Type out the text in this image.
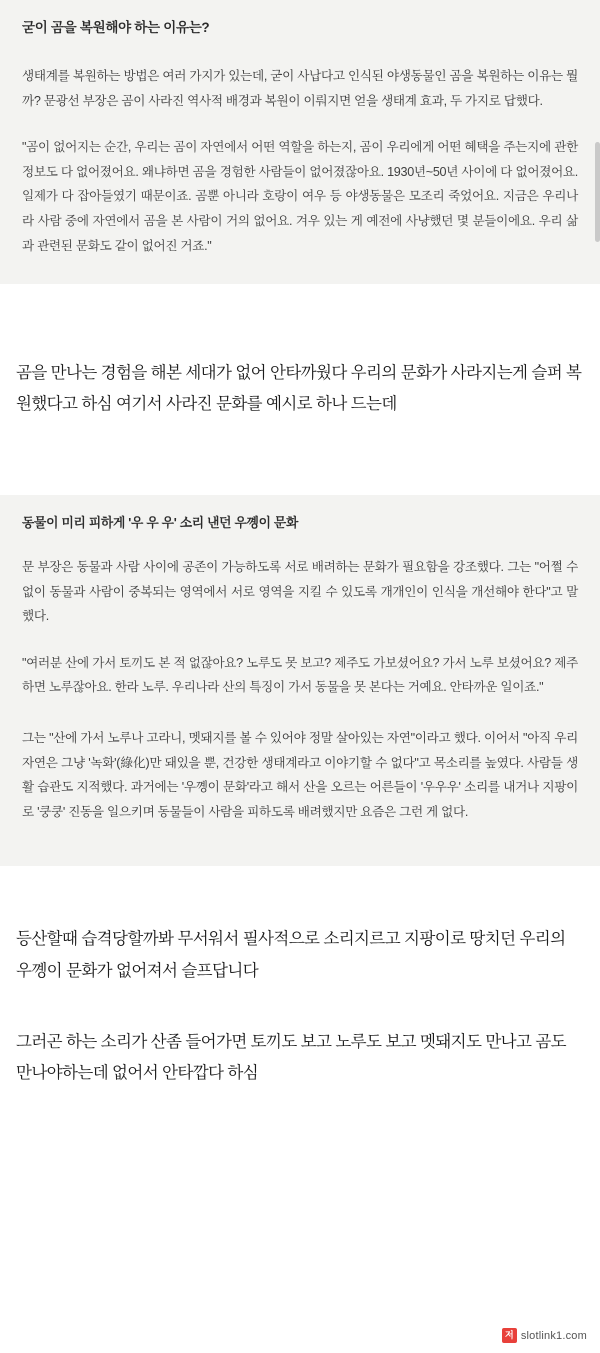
굳이 곰을 복원해야 하는 이유는?

생태계를 복원하는 방법은 여러 가지가 있는데, 굳이 사납다고 인식된 야생동물인 곰을 복원하는 이유는 뭘까? 문광선 부장은 곰이 사라진 역사적 배경과 복원이 이뤄지면 얻을 생태계 효과, 두 가지로 답했다.

"곰이 없어지는 순간, 우리는 곰이 자연에서 어떤 역할을 하는지, 곰이 우리에게 어떤 혜택을 주는지에 관한 정보도 다 없어졌어요. 왜냐하면 곰을 경험한 사람들이 없어졌잖아요. 1930년~50년 사이에 다 없어졌어요. 일제가 다 잡아들였기 때문이죠. 곰뿐 아니라 호랑이 여우 등 야생동물은 모조리 죽었어요. 지금은 우리나라 사람 중에 자연에서 곰을 본 사람이 거의 없어요. 겨우 있는 게 예전에 사냥했던 몇 분들이에요. 우리 삶과 관련된 문화도 같이 없어진 거죠."

곰을 만나는 경험을 해본 세대가 없어 안타까웠다 우리의 문화가 사라지는게 슬퍼 복원했다고 하심 여기서 사라진 문화를 예시로 하나 드는데
동물이 미리 피하게 '우 우 우' 소리 낸던 우꼥이 문화

문 부장은 동물과 사람 사이에 공존이 가능하도록 서로 배려하는 문화가 필요함을 강조했다. 그는 "어쩔 수없이 동물과 사람이 중복되는 영역에서 서로 영역을 지킬 수 있도록 개개인이 인식을 개선해야 한다"고 말했다.

"여러분 산에 가서 토끼도 본 적 없잖아요? 노루도 못 보고? 제주도 가보셨어요? 가서 노루 보셨어요? 제주 하면 노루잖아요. 한라 노루. 우리나라 산의 특징이 가서 동물을 못 본다는 거예요. 안타까운 일이죠."

그는 "산에 가서 노루나 고라니, 멧돼지를 볼 수 있어야 정말 살아있는 자연"이라고 했다. 이어서 "아직 우리 자연은 그냥 '녹화'(綠化)만 돼있을 뿐, 건강한 생태계라고 이야기할 수 없다"고 목소리를 높였다. 사람들 생활 습관도 지적했다. 과거에는 '우꼥이 문화'라고 해서 산을 오르는 어른들이 '우우우' 소리를 내거나 지팡이로 '쿵쿵' 진동을 일으키며 동물들이 사람을 피하도록 배려했지만 요즘은 그런 게 없다.

등산할때 습격당할까봐 무서워서 필사적으로 소리지르고 지팡이로 땅치던 우리의 우꼥이 문화가 없어져서 슬프답니다
그러곤 하는 소리가 산좀 들어가면 토끼도 보고 노루도 보고 멧돼지도 만나고 곰도 만나야하는데 없어서 안타깝다 하심
저 slotlink1.com
